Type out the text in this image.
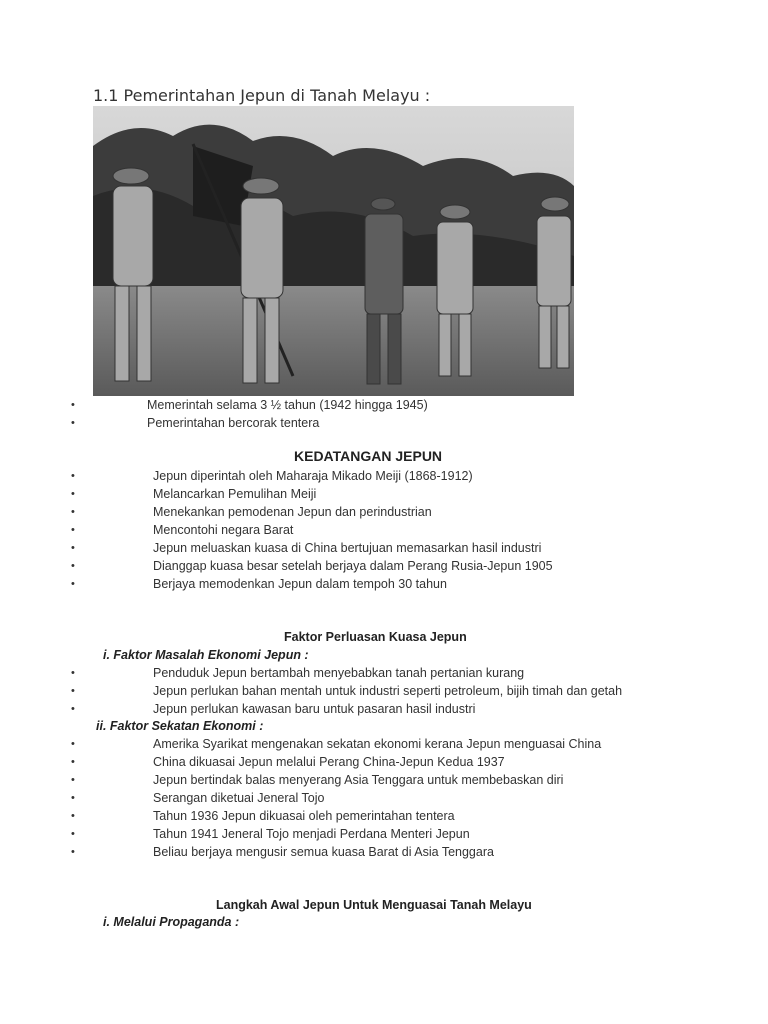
1.1 Pemerintahan Jepun di Tanah Melayu :
•	Memerintah selama 3 ½ tahun (1942 hingga 1945)
•	Pemerintahan bercorak tentera
KEDATANGAN JEPUN
•	Jepun diperintah oleh Maharaja Mikado Meiji (1868-1912)
•	Melancarkan Pemulihan Meiji
•	Menekankan pemodenan Jepun dan perindustrian
•	Mencontohi negara Barat
•	Jepun meluaskan kuasa di China bertujuan memasarkan hasil industri
•	Dianggap kuasa besar setelah berjaya dalam Perang Rusia-Jepun 1905
•	Berjaya memodenkan Jepun dalam tempoh 30 tahun
Faktor Perluasan Kuasa Jepun

i. Faktor Masalah Ekonomi Jepun :

•	Penduduk Jepun bertambah menyebabkan tanah pertanian kurang
•	Jepun perlukan bahan mentah untuk industri seperti petroleum, bijih timah dan getah
•	Jepun perlukan kawasan baru untuk pasaran hasil industri

ii. Faktor Sekatan Ekonomi :

•	Amerika Syarikat mengenakan sekatan ekonomi kerana Jepun menguasai China
•	China dikuasai Jepun melalui Perang China-Jepun Kedua 1937
•	Jepun bertindak balas menyerang Asia Tenggara untuk membebaskan diri
•	Serangan diketuai Jeneral Tojo
•	Tahun 1936 Jepun dikuasai oleh pemerintahan tentera
•	Tahun 1941 Jeneral Tojo menjadi Perdana Menteri Jepun
•	Beliau berjaya mengusir semua kuasa Barat di Asia Tenggara
Langkah Awal Jepun Untuk Menguasai Tanah Melayu

i. Melalui Propaganda :
